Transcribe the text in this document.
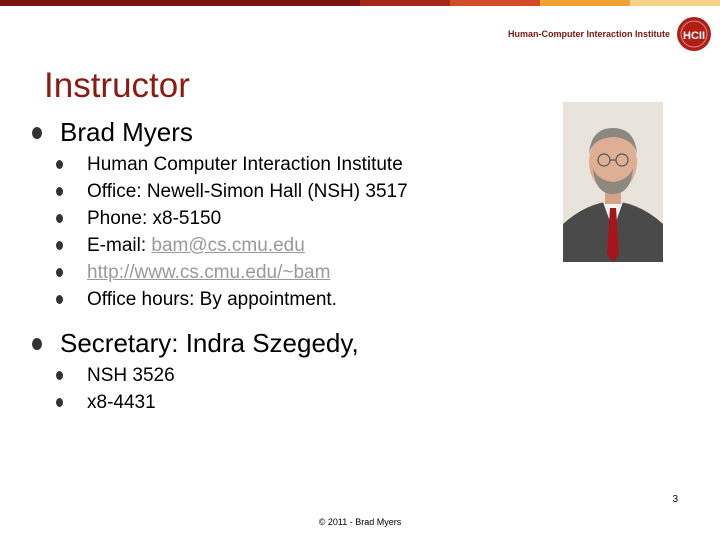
Human-Computer Interaction Institute HCII
Instructor
Brad Myers
Human Computer Interaction Institute
Office: Newell-Simon Hall (NSH) 3517
Phone: x8-5150
E-mail: bam@cs.cmu.edu
http://www.cs.cmu.edu/~bam
Office hours: By appointment.
Secretary: Indra Szegedy,
NSH 3526
x8-4431
3
© 2011 - Brad Myers
